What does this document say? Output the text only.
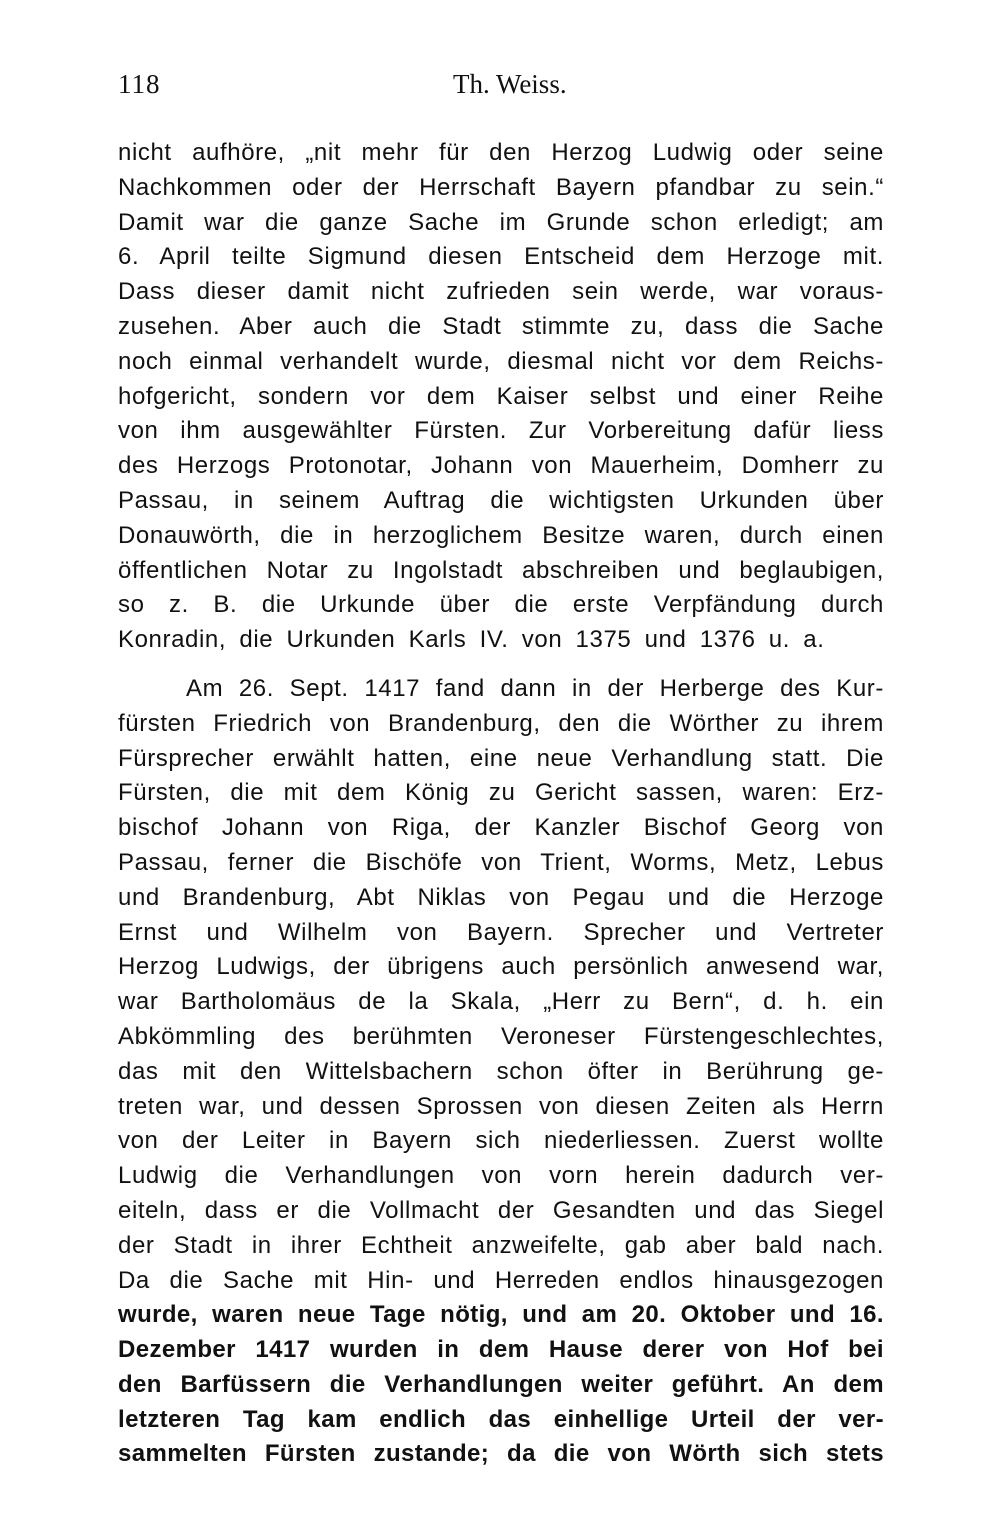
118	Th. Weiss.
nicht aufhöre, „nit mehr für den Herzog Ludwig oder seine
Nachkommen oder der Herrschaft Bayern pfandbar zu sein.“
Damit war die ganze Sache im Grunde schon erledigt; am
6. April teilte Sigmund diesen Entscheid dem Herzoge mit.
Dass dieser damit nicht zufrieden sein werde, war voraus-
zusehen. Aber auch die Stadt stimmte zu, dass die Sache
noch einmal verhandelt wurde, diesmal nicht vor dem Reichs-
hofgericht, sondern vor dem Kaiser selbst und einer Reihe
von ihm ausgewählter Fürsten. Zur Vorbereitung dafür liess
des Herzogs Protonotar, Johann von Mauerheim, Domherr zu
Passau, in seinem Auftrag die wichtigsten Urkunden über
Donauwörth, die in herzoglichem Besitze waren, durch einen
öffentlichen Notar zu Ingolstadt abschreiben und beglaubigen,
so z. B. die Urkunde über die erste Verpfändung durch
Konradin, die Urkunden Karls IV. von 1375 und 1376 u. a.
Am 26. Sept. 1417 fand dann in der Herberge des Kur-
fürsten Friedrich von Brandenburg, den die Wörther zu ihrem
Fürsprecher erwählt hatten, eine neue Verhandlung statt. Die
Fürsten, die mit dem König zu Gericht sassen, waren: Erz-
bischof Johann von Riga, der Kanzler Bischof Georg von
Passau, ferner die Bischöfe von Trient, Worms, Metz, Lebus
und Brandenburg, Abt Niklas von Pegau und die Herzoge
Ernst und Wilhelm von Bayern. Sprecher und Vertreter
Herzog Ludwigs, der übrigens auch persönlich anwesend war,
war Bartholomäus de la Skala, „Herr zu Bern“, d. h. ein
Abkömmling des berühmten Veroneser Fürstengeschlechtes,
das mit den Wittelsbachern schon öfter in Berührung ge-
treten war, und dessen Sprossen von diesen Zeiten als Herrn
von der Leiter in Bayern sich niederliessen. Zuerst wollte
Ludwig die Verhandlungen von vorn herein dadurch ver-
eiteln, dass er die Vollmacht der Gesandten und das Siegel
der Stadt in ihrer Echtheit anzweifelte, gab aber bald nach.
Da die Sache mit Hin- und Herreden endlos hinausgezogen
wurde, waren neue Tage nötig, und am 20. Oktober und 16.
Dezember 1417 wurden in dem Hause derer von Hof bei
den Barfüssern die Verhandlungen weiter geführt. An dem
letzteren Tag kam endlich das einhellige Urteil der ver-
sammelten Fürsten zustande; da die von Wörth sich stets
